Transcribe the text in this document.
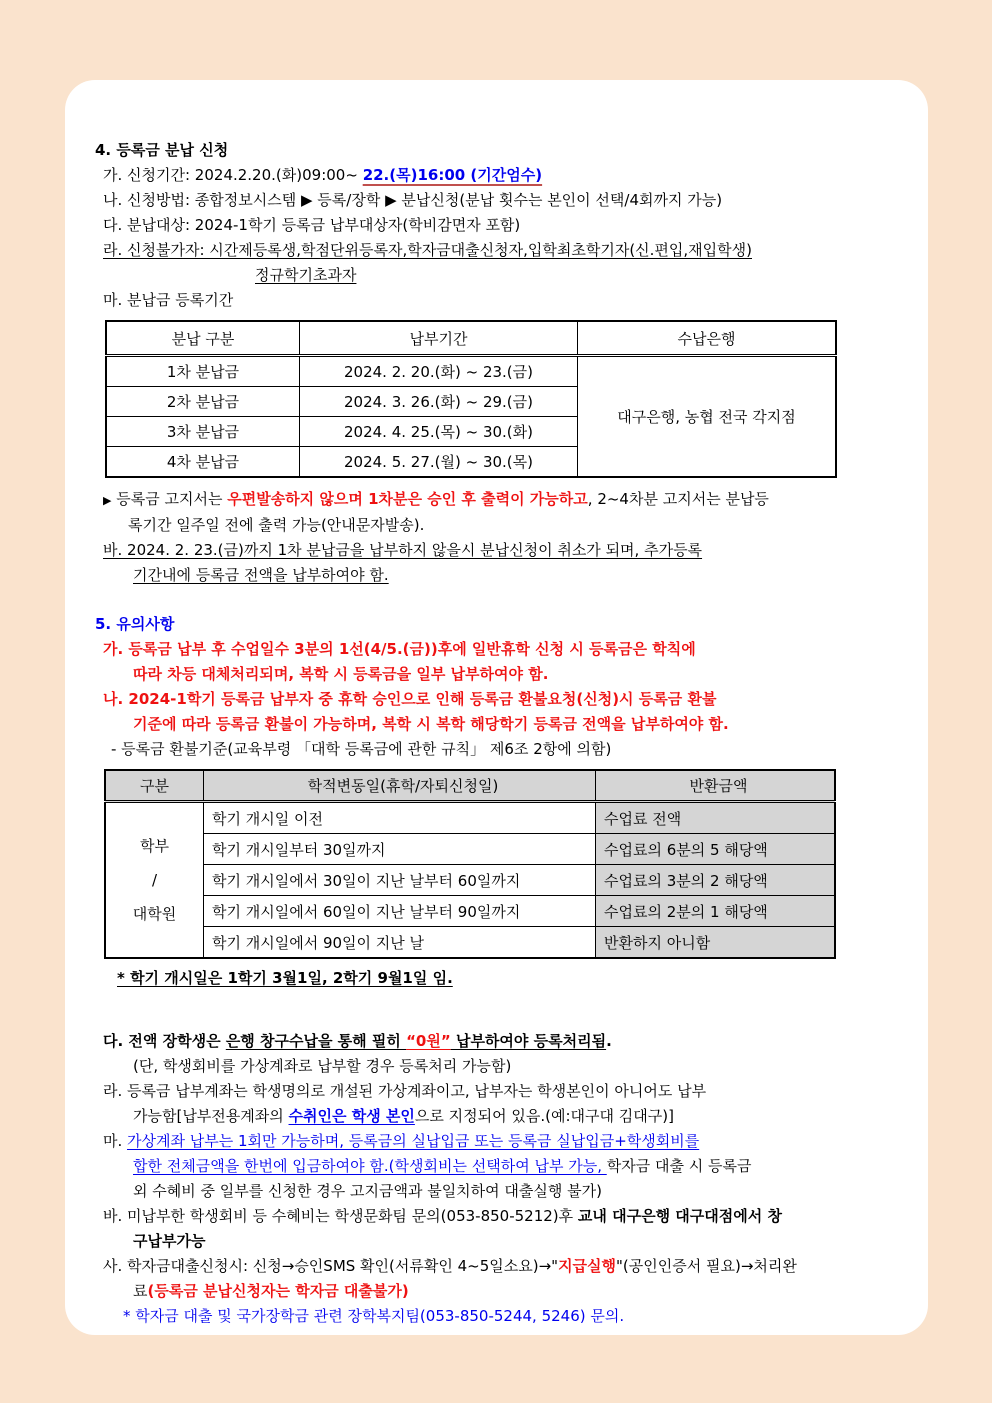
4. 등록금 분납 신청
가. 신청기간: 2024.2.20.(화)09:00~ 22.(목)16:00 (기간엄수)
나. 신청방법: 종합정보시스템 ▶ 등록/장학 ▶ 분납신청(분납 횟수는 본인이 선택/4회까지 가능)
다. 분납대상: 2024-1학기 등록금 납부대상자(학비감면자 포함)
라. 신청불가자: 시간제등록생,학점단위등록자,학자금대출신청자,입학최초학기자(신.편입,재입학생)
정규학기초과자
마. 분납금 등록기간
분납 구분	납부기간	수납은행
1차 분납금	2024. 2. 20.(화) ~ 23.(금)	대구은행, 농협 전국 각지점
2차 분납금	2024. 3. 26.(화) ~ 29.(금)	
3차 분납금	2024. 4. 25.(목) ~ 30.(화)	
4차 분납금	2024. 5. 27.(월) ~ 30.(목)	
▶ 등록금 고지서는 우편발송하지 않으며 1차분은 승인 후 출력이 가능하고, 2~4차분 고지서는 분납등
록기간 일주일 전에 출력 가능(안내문자발송).
바. 2024. 2. 23.(금)까지 1차 분납금을 납부하지 않을시 분납신청이 취소가 되며, 추가등록
기간내에 등록금 전액을 납부하여야 함.
5. 유의사항
가. 등록금 납부 후 수업일수 3분의 1선(4/5.(금))후에 일반휴학 신청 시 등록금은 학칙에
따라 차등 대체처리되며, 복학 시 등록금을 일부 납부하여야 함.
나. 2024-1학기 등록금 납부자 중 휴학 승인으로 인해 등록금 환불요청(신청)시 등록금 환불
기준에 따라 등록금 환불이 가능하며, 복학 시 복학 해당학기 등록금 전액을 납부하여야 함.
- 등록금 환불기준(교육부령 「대학 등록금에 관한 규칙」 제6조 2항에 의함)
구분	학적변동일(휴학/자퇴신청일)	반환금액

학부
/
대학원	학기 개시일 이전	수업료 전액
	학기 개시일부터 30일까지	수업료의 6분의 5 해당액
	학기 개시일에서 30일이 지난 날부터 60일까지	수업료의 3분의 2 해당액
	학기 개시일에서 60일이 지난 날부터 90일까지	수업료의 2분의 1 해당액
	학기 개시일에서 90일이 지난 날	반환하지 아니함
* 학기 개시일은 1학기 3월1일, 2학기 9월1일 임.
다. 전액 장학생은 은행 창구수납을 통해 필히 “0원” 납부하여야 등록처리됨.
(단, 학생회비를 가상계좌로 납부할 경우 등록처리 가능함)
라. 등록금 납부계좌는 학생명의로 개설된 가상계좌이고, 납부자는 학생본인이 아니어도 납부
가능함[납부전용계좌의 수취인은 학생 본인으로 지정되어 있음.(예:대구대 김대구)]
마. 가상계좌 납부는 1회만 가능하며, 등록금의 실납입금 또는 등록금 실납입금+학생회비를
합한 전체금액을 한번에 입금하여야 함.(학생회비는 선택하여 납부 가능, 학자금 대출 시 등록금
외 수혜비 중 일부를 신청한 경우 고지금액과 불일치하여 대출실행 불가)
바. 미납부한 학생회비 등 수혜비는 학생문화팀 문의(053-850-5212)후 교내 대구은행 대구대점에서 창
구납부가능
사. 학자금대출신청시: 신청→승인SMS 확인(서류확인 4~5일소요)→"지급실행"(공인인증서 필요)→처리완
료(등록금 분납신청자는 학자금 대출불가)
* 학자금 대출 및 국가장학금 관련 장학복지팀(053-850-5244, 5246) 문의.
